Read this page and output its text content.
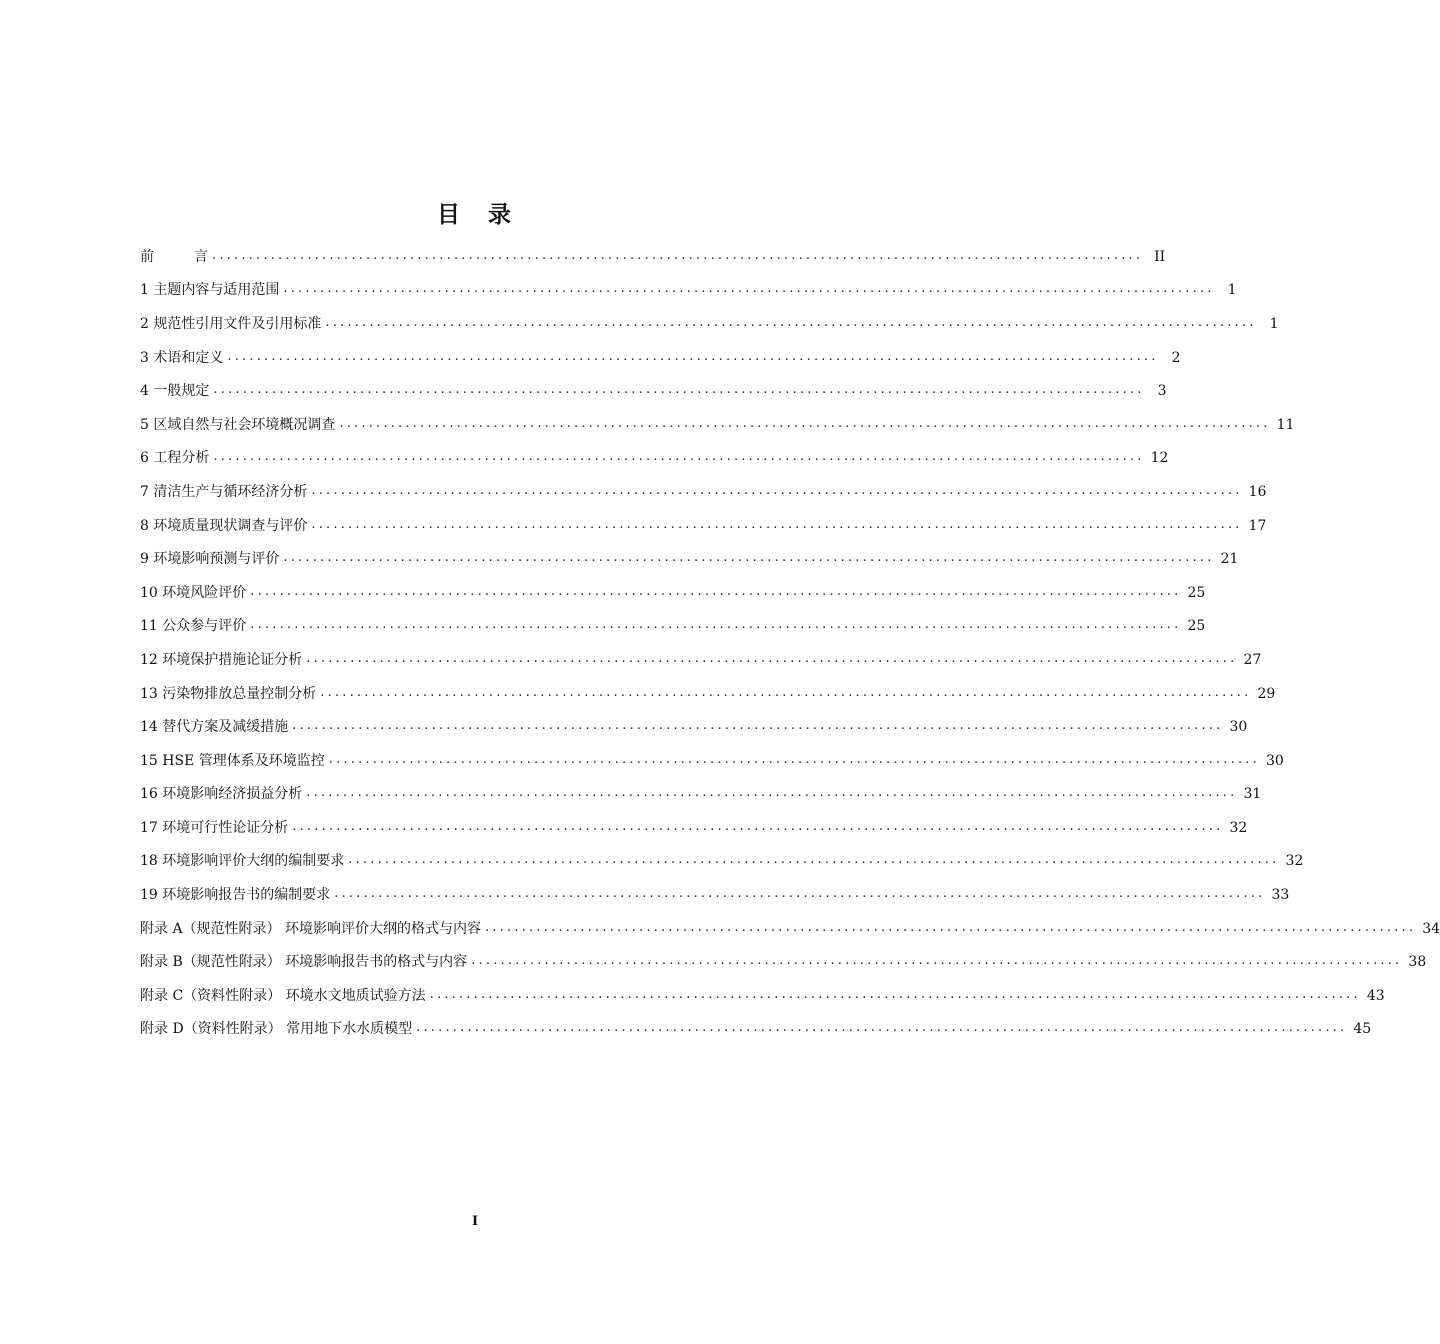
目 录
前	言 ............................................................................................................................... II
1 主题内容与适用范围 ............................................................................................................................... 1
2 规范性引用文件及引用标准 ............................................................................................................................... 1
3 术语和定义 ............................................................................................................................... 2
4 一般规定 ............................................................................................................................... 3
5 区域自然与社会环境概况调查 ............................................................................................................................... 11
6 工程分析 ............................................................................................................................... 12
7 清洁生产与循环经济分析 ............................................................................................................................... 16
8 环境质量现状调查与评价 ............................................................................................................................... 17
9 环境影响预测与评价 ............................................................................................................................... 21
10 环境风险评价 ............................................................................................................................... 25
11 公众参与评价 ............................................................................................................................... 25
12 环境保护措施论证分析 ............................................................................................................................... 27
13 污染物排放总量控制分析 ............................................................................................................................... 29
14 替代方案及减缓措施 ............................................................................................................................... 30
15 HSE 管理体系及环境监控 ............................................................................................................................... 30
16 环境影响经济损益分析 ............................................................................................................................... 31
17 环境可行性论证分析 ............................................................................................................................... 32
18 环境影响评价大纲的编制要求 ............................................................................................................................... 32
19 环境影响报告书的编制要求 ............................................................................................................................... 33
附录 A（规范性附录） 环境影响评价大纲的格式与内容 ............................................................................................................................... 34
附录 B（规范性附录） 环境影响报告书的格式与内容 ............................................................................................................................... 38
附录 C（资料性附录） 环境水文地质试验方法 ............................................................................................................................... 43
附录 D（资料性附录） 常用地下水水质模型 ............................................................................................................................... 45
I
